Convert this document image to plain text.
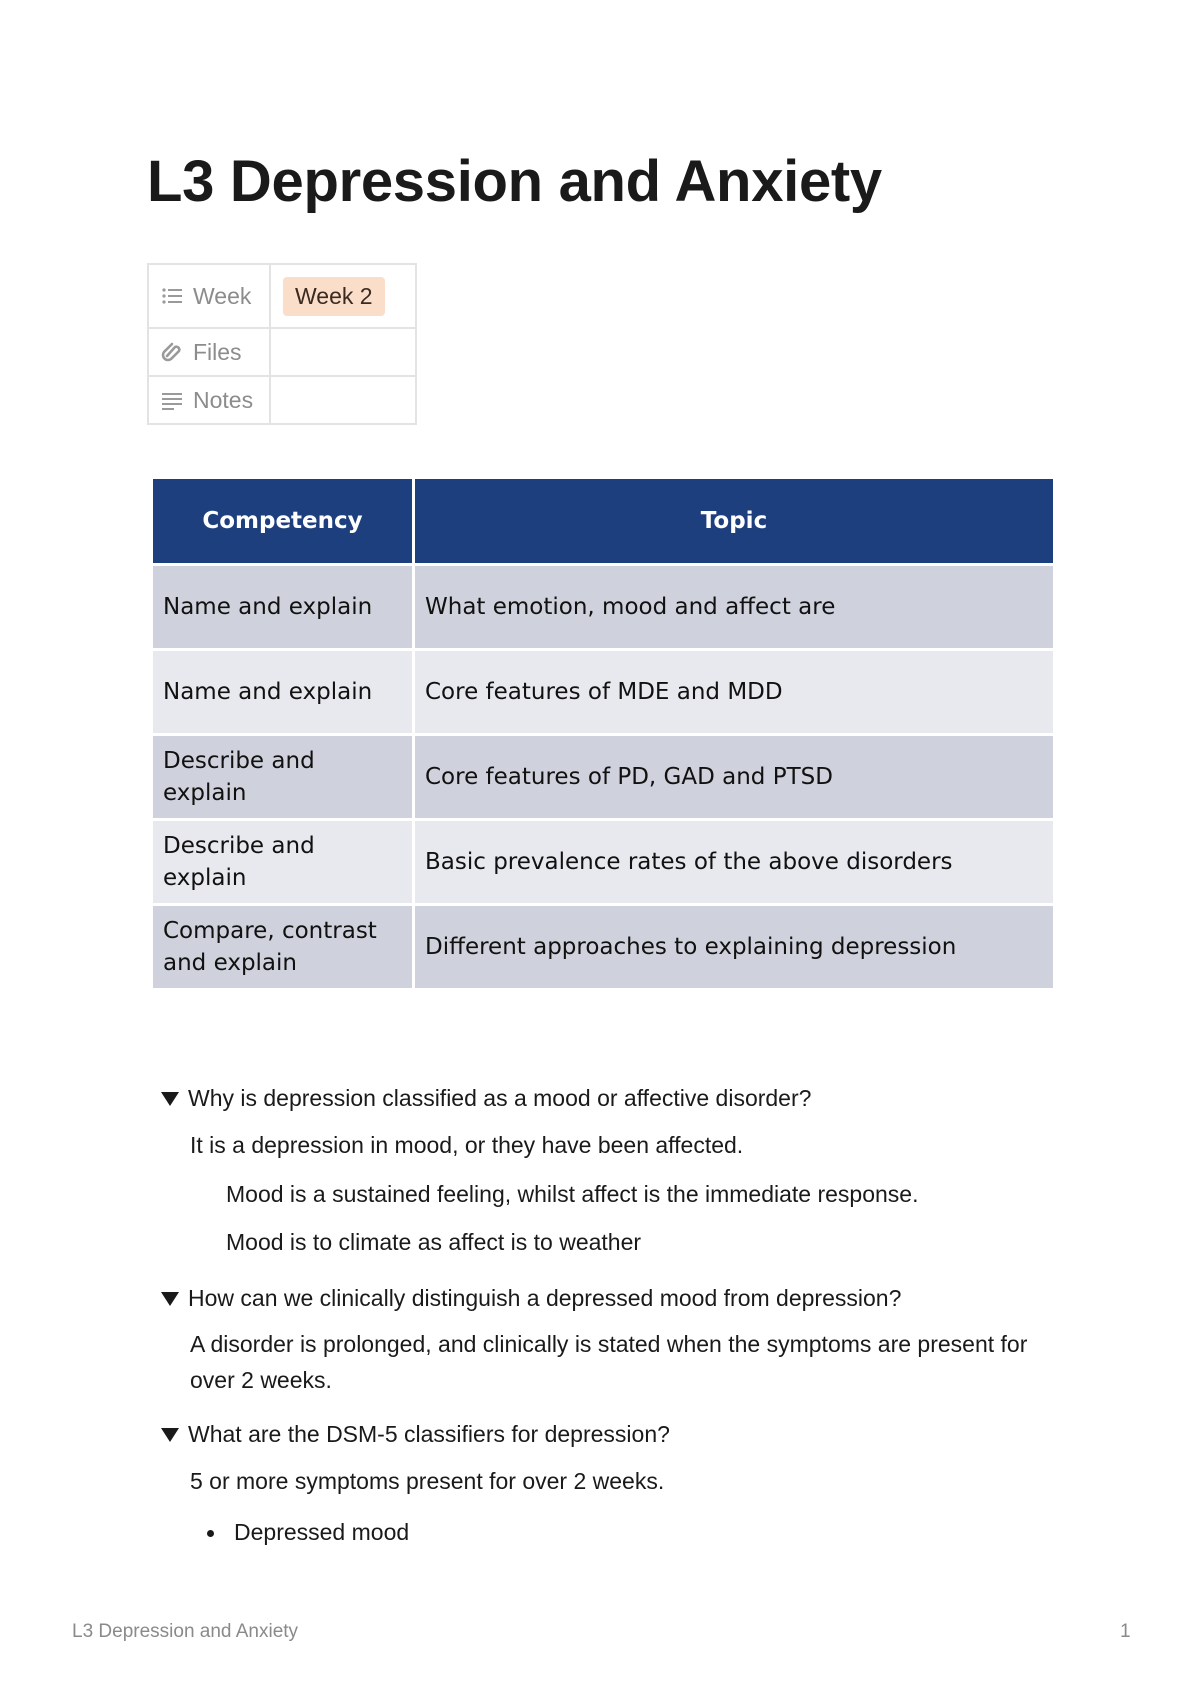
L3 Depression and Anxiety
Week	Week 2

Files	

Notes	

Competency	Topic
Name and explain	What emotion, mood and affect are
Name and explain	Core features of MDE and MDD
Describe and explain	Core features of PD, GAD and PTSD
Describe and explain	Basic prevalence rates of the above disorders
Compare, contrast and explain	Different approaches to explaining depression
Why is depression classified as a mood or affective disorder?
It is a depression in mood, or they have been affected.
Mood is a sustained feeling, whilst affect is the immediate response.
Mood is to climate as affect is to weather
How can we clinically distinguish a depressed mood from depression?
A disorder is prolonged, and clinically is stated when the symptoms are present for over 2 weeks.
What are the DSM-5 classifiers for depression?
5 or more symptoms present for over 2 weeks.
Depressed mood
L3 Depression and Anxiety	1
